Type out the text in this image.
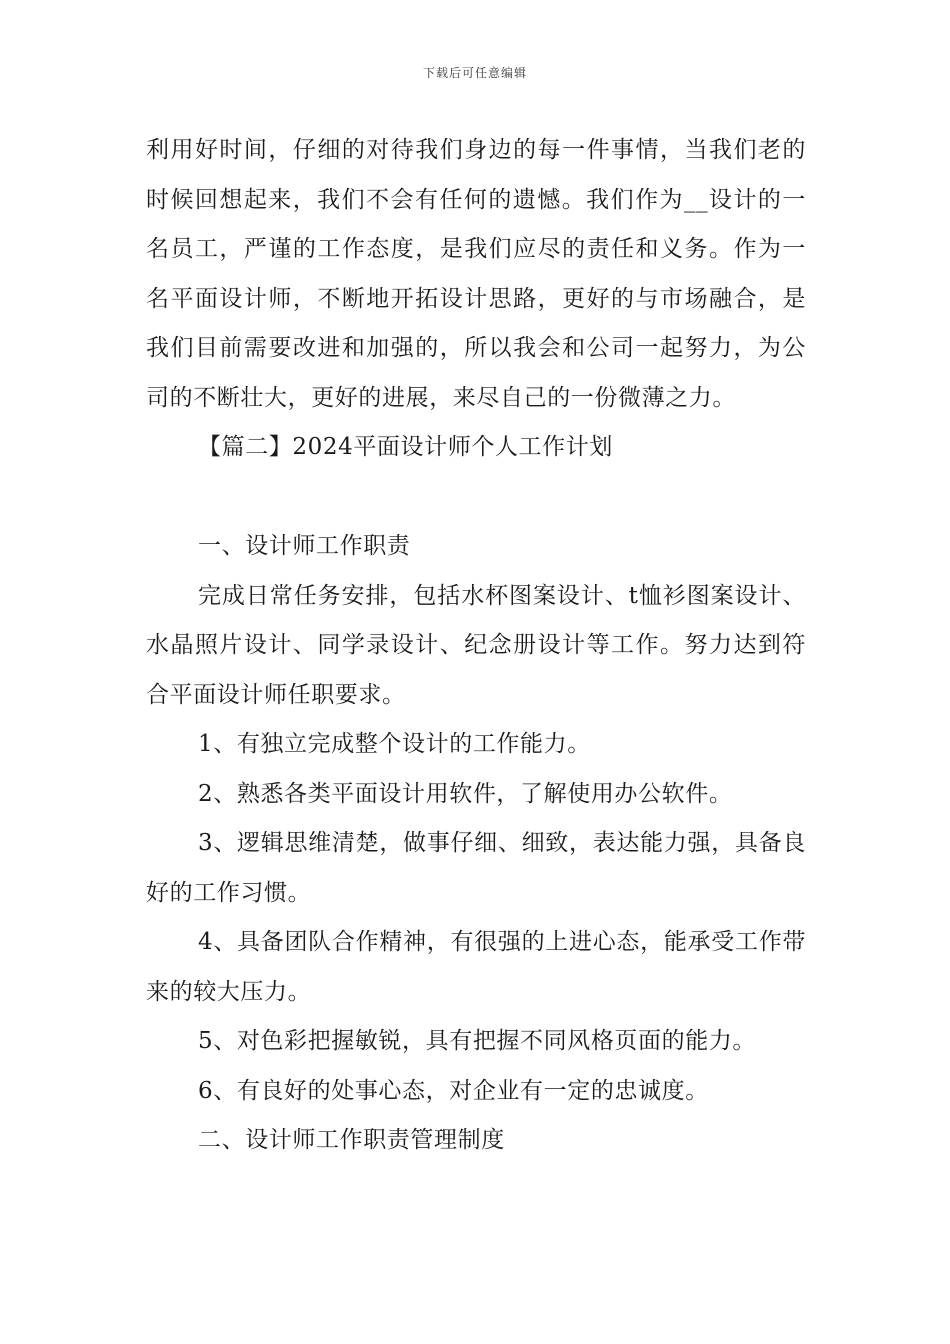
下载后可任意编辑

利用好时间，仔细的对待我们身边的每一件事情，当我们老的时候回想起来，我们不会有任何的遗憾。我们作为__设计的一名员工，严谨的工作态度，是我们应尽的责任和义务。作为一名平面设计师，不断地开拓设计思路，更好的与市场融合，是我们目前需要改进和加强的，所以我会和公司一起努力，为公司的不断壮大，更好的进展，来尽自己的一份微薄之力。

【篇二】2024平面设计师个人工作计划

一、设计师工作职责

完成日常任务安排，包括水杯图案设计、t恤衫图案设计、水晶照片设计、同学录设计、纪念册设计等工作。努力达到符合平面设计师任职要求。

1、有独立完成整个设计的工作能力。

2、熟悉各类平面设计用软件，了解使用办公软件。

3、逻辑思维清楚，做事仔细、细致，表达能力强，具备良好的工作习惯。

4、具备团队合作精神，有很强的上进心态，能承受工作带来的较大压力。

5、对色彩把握敏锐，具有把握不同风格页面的能力。

6、有良好的处事心态，对企业有一定的忠诚度。

二、设计师工作职责管理制度
